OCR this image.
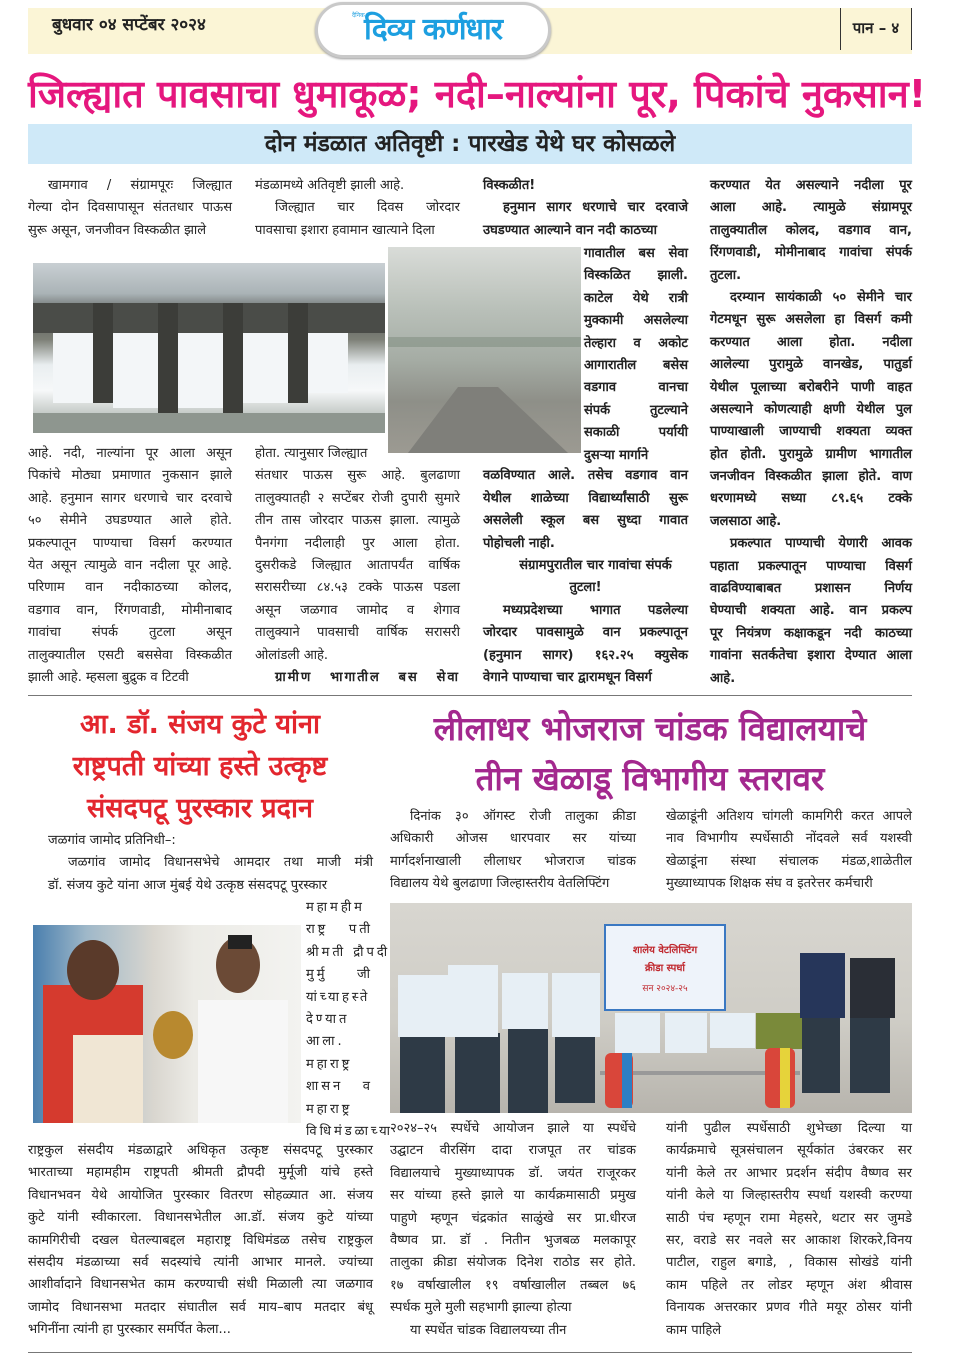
बुधवार ०४ सप्टेंबर २०२४	दैनिक दिव्य कर्णधार	पान – ४
जिल्ह्यात पावसाचा धुमाकूळ; नदी–नाल्यांना पूर, पिकांचे नुकसान!
दोन मंडळात अतिवृष्टी : पारखेड येथे घर कोसळले
खामगाव / संग्रामपूरः जिल्ह्यात
गेल्या दोन दिवसापासून संततधार पाऊस
सुरू असून, जनजीवन विस्कळीत झाले
मंडळामध्ये अतिवृष्टी झाली आहे.
जिल्ह्यात चार दिवस जोरदार
पावसाचा इशारा हवामान खात्याने दिला
विस्कळीत!
हनुमान सागर धरणाचे चार दरवाजे
उघडण्यात आल्याने वान नदी काठच्या
करण्यात येत असल्याने नदीला पूर
आला आहे. त्यामुळे संग्रामपूर
तालुक्यातील कोलद, वडगाव वान,
रिंगणवाडी, मोमीनाबाद गावांचा संपर्क
तुटला.
दरम्यान सायंकाळी ५० सेमीने चार
गेटमधून सुरू असलेला हा विसर्ग कमी
करण्यात आला होता. नदीला
आलेल्या पुरामुळे वानखेड, पातुर्डा
येथील पूलाच्या बरोबरीने पाणी वाहत
असल्याने कोणत्याही क्षणी येथील पुल
पाण्याखाली जाण्याची शक्यता व्यक्त
होत होती. पुरामुळे ग्रामीण भागातील
जनजीवन विस्कळीत झाला होते. वाण
धरणामध्ये सध्या ८९.६५ टक्के
जलसाठा आहे.
प्रकल्पात पाण्याची येणारी आवक
पहाता प्रकल्पातून पाण्याचा विसर्ग
वाढविण्याबाबत प्रशासन निर्णय
घेण्याची शक्यता आहे. वान प्रकल्प
पूर नियंत्रण कक्षाकडून नदी काठच्या
गावांना सतर्कतेचा इशारा देण्यात आला
आहे.
गावातील बस सेवा
विस्कळित झाली.
काटेल येथे रात्री
मुक्कामी असलेल्या
तेल्हारा व अकोट
आगारातील बसेस
वडगाव वानचा
संपर्क तुटल्याने
सकाळी पर्यायी
दुसऱ्या मार्गाने
आहे. नदी, नाल्यांना पूर आला असून
पिकांचे मोठ्या प्रमाणात नुकसान झाले
आहे. हनुमान सागर धरणाचे चार दरवाचे
५० सेमीने उघडण्यात आले होते.
प्रकल्पातून पाण्याचा विसर्ग करण्यात
येत असून त्यामुळे वान नदीला पूर आहे.
परिणाम वान नदीकाठच्या कोलद,
वडगाव वान, रिंगणवाडी, मोमीनाबाद
गावांचा संपर्क तुटला असून
तालुक्यातील एसटी बससेवा विस्कळीत
झाली आहे. म्हसला बुद्रुक व टिटवी
होता. त्यानुसार जिल्ह्यात
संतधार पाऊस सुरू आहे. बुलढाणा
तालुक्यातही २ सप्टेंबर रोजी दुपारी सुमारे
तीन तास जोरदार पाऊस झाला. त्यामुळे
पैनगंगा नदीलाही पुर आला होता.
दुसरीकडे जिल्ह्यात आतापर्यंत वार्षिक
सरासरीच्या ८४.५३ टक्के पाऊस पडला
असून जळगाव जामोद व शेगाव
तालुक्याने पावसाची वार्षिक सरासरी
ओलांडली आहे.
ग्रामीण भागातील बस सेवा
वळविण्यात आले. तसेच वडगाव वान
येथील शाळेच्या विद्यार्थ्यांसाठी सुरू
असलेली स्कूल बस सुध्दा गावात
पोहोचली नाही.
संग्रामपुरातील चार गावांचा संपर्क
तुटला!
मध्यप्रदेशच्या भागात पडलेल्या
जोरदार पावसामुळे वान प्रकल्पातून
(हनुमान सागर) १६२.२५ क्युसेक
वेगाने पाण्याचा चार द्वारामधून विसर्ग
आ. डॉ. संजय कुटे यांना
राष्ट्रपती यांच्या हस्ते उत्कृष्ट
संसदपटू पुरस्कार प्रदान
जळगांव जामोद प्रतिनिधी–:
जळगांव जामोद विधानसभेचे आमदार तथा माजी मंत्री
डॉ. संजय कुटे यांना आज मुंबई येथे उत्कृष्ठ संसदपटू पुरस्कार
महामहीम
राष्ट्र पती
श्रीमती द्रौपदी
मुर्मु जी
यांच्याहस्ते
देण्यात
आला.
महाराष्ट्र
शासन व
महाराष्ट्र
विधिमंडळाच्या
राष्ट्रकुल संसदीय मंडळाद्वारे अधिकृत उत्कृष्ट संसदपटू पुरस्कार
भारताच्या महामहीम राष्ट्रपती श्रीमती द्रौपदी मुर्मूजी यांचे हस्ते
विधानभवन येथे आयोजित पुरस्कार वितरण सोहळ्यात आ. संजय
कुटे यांनी स्वीकारला. विधानसभेतील आ.डॉ. संजय कुटे यांच्या
कामगिरीची दखल घेतल्याबद्दल महाराष्ट्र विधिमंडळ तसेच राष्ट्रकुल
संसदीय मंडळाच्या सर्व सदस्यांचे त्यांनी आभार मानले. ज्यांच्या
आशीर्वादाने विधानसभेत काम करण्याची संधी मिळाली त्या जळगाव
जामोद विधानसभा मतदार संघातील सर्व माय–बाप मतदार बंधू
भगिनींना त्यांनी हा पुरस्कार समर्पित केला...
लीलाधर भोजराज चांडक विद्यालयाचे
तीन खेळाडू विभागीय स्तरावर
दिनांक ३० ऑगस्ट रोजी तालुका क्रीडा
अधिकारी ओजस धारपवार सर यांच्या
मार्गदर्शनाखाली लीलाधर भोजराज चांडक
विद्यालय येथे बुलढाणा जिल्हास्तरीय वेतलिफ्टिंग
खेळाडूंनी अतिशय चांगली कामगिरी करत आपले
नाव विभागीय स्पर्धेसाठी नोंदवले सर्व यशस्वी
खेळाडूंना संस्था संचालक मंडळ,शाळेतील
मुख्याध्यापक शिक्षक संघ व इतरेत्तर कर्मचारी
शालेय वेटलिफ्टिंग
क्रीडा स्पर्धा
सन २०२४-२५
२०२४–२५ स्पर्धेचे आयोजन झाले या स्पर्धेचे
उद्घाटन वीरसिंग दादा राजपूत तर चांडक
विद्यालयाचे मुख्याध्यापक डॉ. जयंत राजूरकर
सर यांच्या हस्ते झाले या कार्यक्रमासाठी प्रमुख
पाहुणे म्हणून चंद्रकांत साळुंखे सर प्रा.धीरज
वैष्णव प्रा. डॉ . नितीन भुजबळ मलकापूर
तालुका क्रीडा संयोजक दिनेश राठोड सर होते.
१७ वर्षाखालील १९ वर्षाखालील तब्बल ७६
स्पर्धक मुले मुली सहभागी झाल्या होत्या
या स्पर्धेत चांडक विद्यालयच्या तीन
यांनी पुढील स्पर्धेसाठी शुभेच्छा दिल्या या
कार्यक्रमाचे सूत्रसंचालन सूर्यकांत उंबरकर सर
यांनी केले तर आभार प्रदर्शन संदीप वैष्णव सर
यांनी केले या जिल्हास्तरीय स्पर्धा यशस्वी करण्या
साठी पंच म्हणून रामा मेहसरे, थटार सर जुमडे
सर, वराडे सर नवले सर आकाश शिरकरे,विनय
पाटील, राहुल बगाडे, , विकास सोखंडे यांनी
काम पहिले तर लोडर म्हणून अंश श्रीवास
विनायक अत्तरकार प्रणव गीते मयूर ठोसर यांनी
काम पाहिले
